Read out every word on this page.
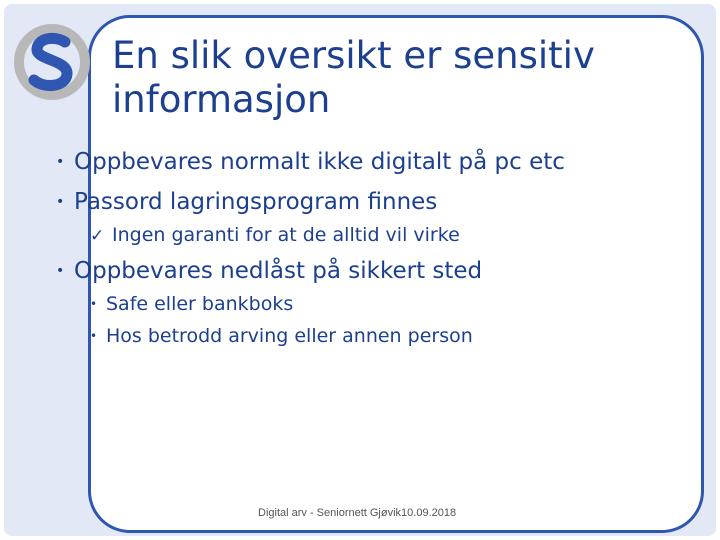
En slik oversikt er sensitiv informasjon
• Oppbevares normalt ikke digitalt på pc etc
• Passord lagringsprogram finnes
✓ Ingen garanti for at de alltid vil virke
• Oppbevares nedlåst på sikkert sted
• Safe eller bankboks
• Hos betrodd arving eller annen person
Digital arv - Seniornett Gjøvik10.09.2018
